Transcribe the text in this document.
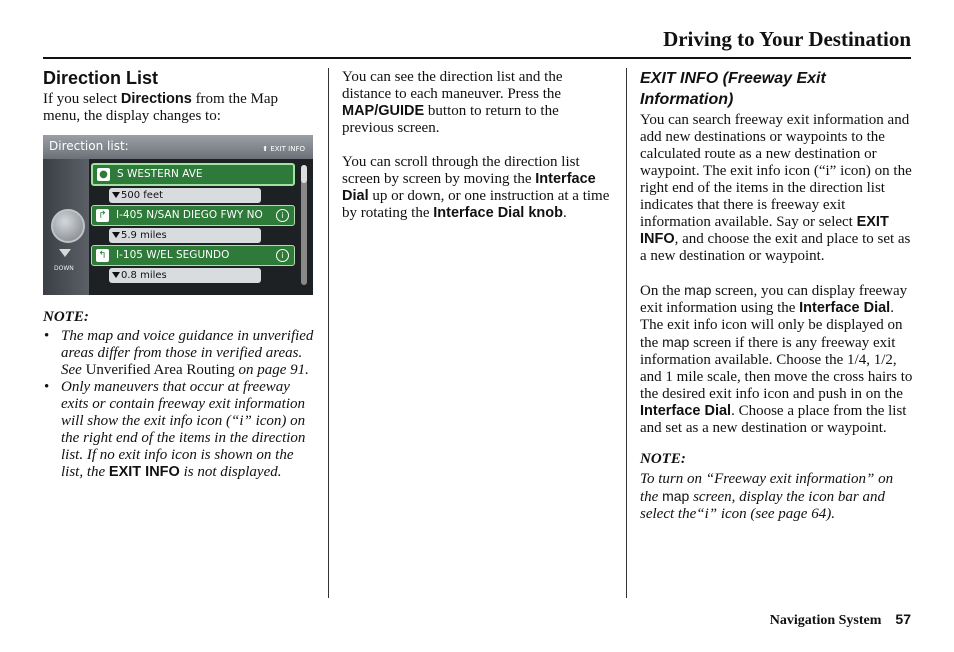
Driving to Your Destination
Direction List

If you select Directions from the Map menu, the display changes to:

Direction list:	⬆ EXIT INFO
DOWN
● S WESTERN AVE
500 feet
↱ I-405 N/SAN DIEGO FWY NO	i
5.9 miles
↰ I-105 W/EL SEGUNDO	i
0.8 miles

NOTE:

• The map and voice guidance in unverified areas differ from those in verified areas. See Unverified Area Routing on page 91.
• Only maneuvers that occur at freeway exits or contain freeway exit information will show the exit info icon (“i” icon) on the right end of the items in the direction list. If no exit info icon is shown on the list, the EXIT INFO is not displayed.

You can see the direction list and the distance to each maneuver. Press the MAP/GUIDE button to return to the previous screen.

You can scroll through the direction list screen by screen by moving the Interface Dial up or down, or one instruction at a time by rotating the Interface Dial knob.

EXIT INFO (Freeway Exit Information)

You can search freeway exit information and add new destinations or waypoints to the calculated route as a new destination or waypoint. The exit info icon (“i” icon) on the right end of the items in the direction list indicates that there is freeway exit information available. Say or select EXIT INFO, and choose the exit and place to set as a new destination or waypoint.

On the map screen, you can display freeway exit information using the Interface Dial. The exit info icon will only be displayed on the map screen if there is any freeway exit information available. Choose the 1/4, 1/2, and 1 mile scale, then move the cross hairs to the desired exit info icon and push in on the Interface Dial. Choose a place from the list and set as a new destination or waypoint.

NOTE:

To turn on “Freeway exit information” on the map screen, display the icon bar and select the“i” icon (see page 64).

Navigation System 57
